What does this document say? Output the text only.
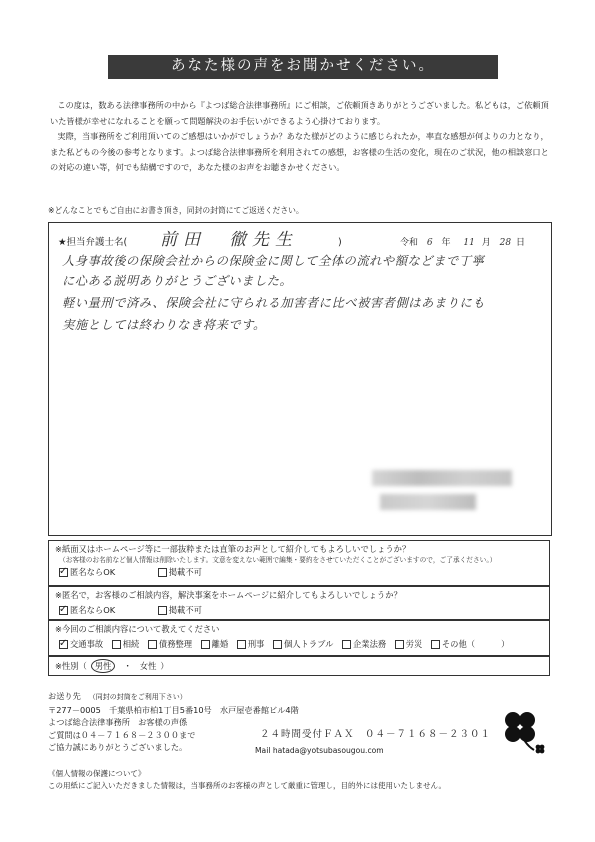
あなた様の声をお聞かせください。

この度は，数ある法律事務所の中から『よつば総合法律事務所』にご相談，ご依頼頂きありがとうございました。私どもは，ご依頼頂いた皆様が幸せになれることを願って問題解決のお手伝いができるよう心掛けております。

実際，当事務所をご利用頂いてのご感想はいかがでしょうか？あなた様がどのように感じられたか，率直な感想が何よりの力となり，また私どもの今後の参考となります。よつば総合法律事務所を利用されての感想，お客様の生活の変化，現在のご状況，他の相談窓口との対応の違い等，何でも結構ですので，あなた様のお声をお聴きかせください。

※どんなことでもご自由にお書き頂き，同封の封筒にてご返送ください。
★担当弁護士名( 前田　徹先生	)	令和 6 年 11 月 28 日
人身事故後の保険会社からの保険金に関して全体の流れや額などまで丁寧
に心ある説明ありがとうございました。
軽い量刑で済み、保険会社に守られる加害者に比べ被害者側はあまりにも
実施としては終わりなき将来です。
※紙面又はホームページ等に一部抜粋または直筆のお声として紹介してもよろしいでしょうか？
（お客様のお名前など個人情報は削除いたします。文意を変えない範囲で編集・要約をさせていただくことがございますので，ご了承ください。）
✓
匿名ならOK
	掲載不可
※匿名で，お客様のご相談内容，解決事案をホームページに紹介してもよろしいでしょうか？
✓
匿名ならOK
	掲載不可
※今回のご相談内容について教えてください
✓
交通事故
相続
債務整理
離婚
刑事
個人トラブル
企業法務
労災
その他（	）
※性別（ 男性	・ 女性 ）
お送り先 （同封の封筒をご利用下さい）
〒277－0005　千葉県柏市柏1丁目5番10号　水戸屋壱番館ビル4階
よつば総合法律事務所　お客様の声係
ご質問は０４－７１６８－２３００まで
ご協力誠にありがとうございました。
２４時間受付ＦＡＸ　０４－７１６８－２３０１
Mail hatada@yotsubasougou.com
《個人情報の保護について》
この用紙にご記入いただきました情報は，当事務所のお客様の声として厳重に管理し，目的外には使用いたしません。
